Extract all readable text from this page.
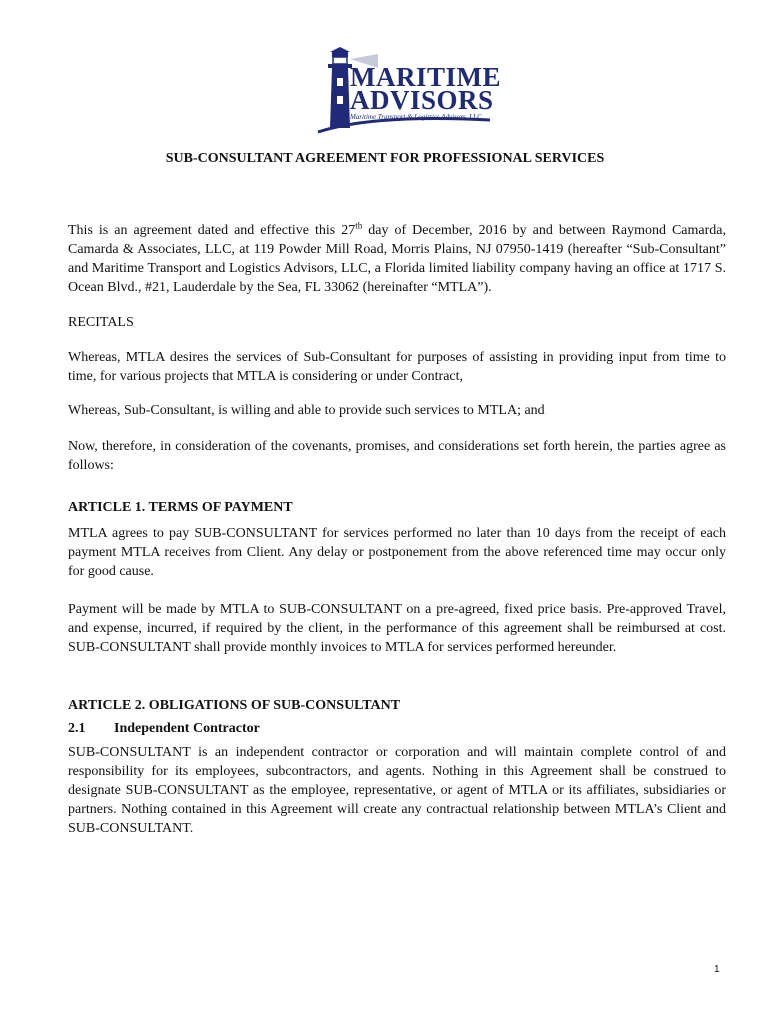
MARITIME
ADVISORS
Maritime Transport & Logistics Advisors, LLC
SUB-CONSULTANT AGREEMENT FOR PROFESSIONAL SERVICES

This is an agreement dated and effective this 27th day of December, 2016 by and between Raymond Camarda, Camarda & Associates, LLC, at 119 Powder Mill Road, Morris Plains, NJ 07950-1419 (hereafter “Sub-Consultant” and Maritime Transport and Logistics Advisors, LLC, a Florida limited liability company having an office at 1717 S. Ocean Blvd., #21, Lauderdale by the Sea, FL 33062 (hereinafter “MTLA”).

RECITALS

Whereas, MTLA desires the services of Sub-Consultant for purposes of assisting in providing input from time to time, for various projects that MTLA is considering or under Contract,

Whereas, Sub-Consultant, is willing and able to provide such services to MTLA; and

Now, therefore, in consideration of the covenants, promises, and considerations set forth herein, the parties agree as follows:

ARTICLE 1. TERMS OF PAYMENT

MTLA agrees to pay SUB-CONSULTANT for services performed no later than 10 days from the receipt of each payment MTLA receives from Client. Any delay or postponement from the above referenced time may occur only for good cause.

Payment will be made by MTLA to SUB-CONSULTANT on a pre-agreed, fixed price basis. Pre-approved Travel, and expense, incurred, if required by the client, in the performance of this agreement shall be reimbursed at cost. SUB-CONSULTANT shall provide monthly invoices to MTLA for services performed hereunder.

ARTICLE 2. OBLIGATIONS OF SUB-CONSULTANT

2.1 Independent Contractor

SUB-CONSULTANT is an independent contractor or corporation and will maintain complete control of and responsibility for its employees, subcontractors, and agents. Nothing in this Agreement shall be construed to designate SUB-CONSULTANT as the employee, representative, or agent of MTLA or its affiliates, subsidiaries or partners. Nothing contained in this Agreement will create any contractual relationship between MTLA’s Client and SUB-CONSULTANT.

1
